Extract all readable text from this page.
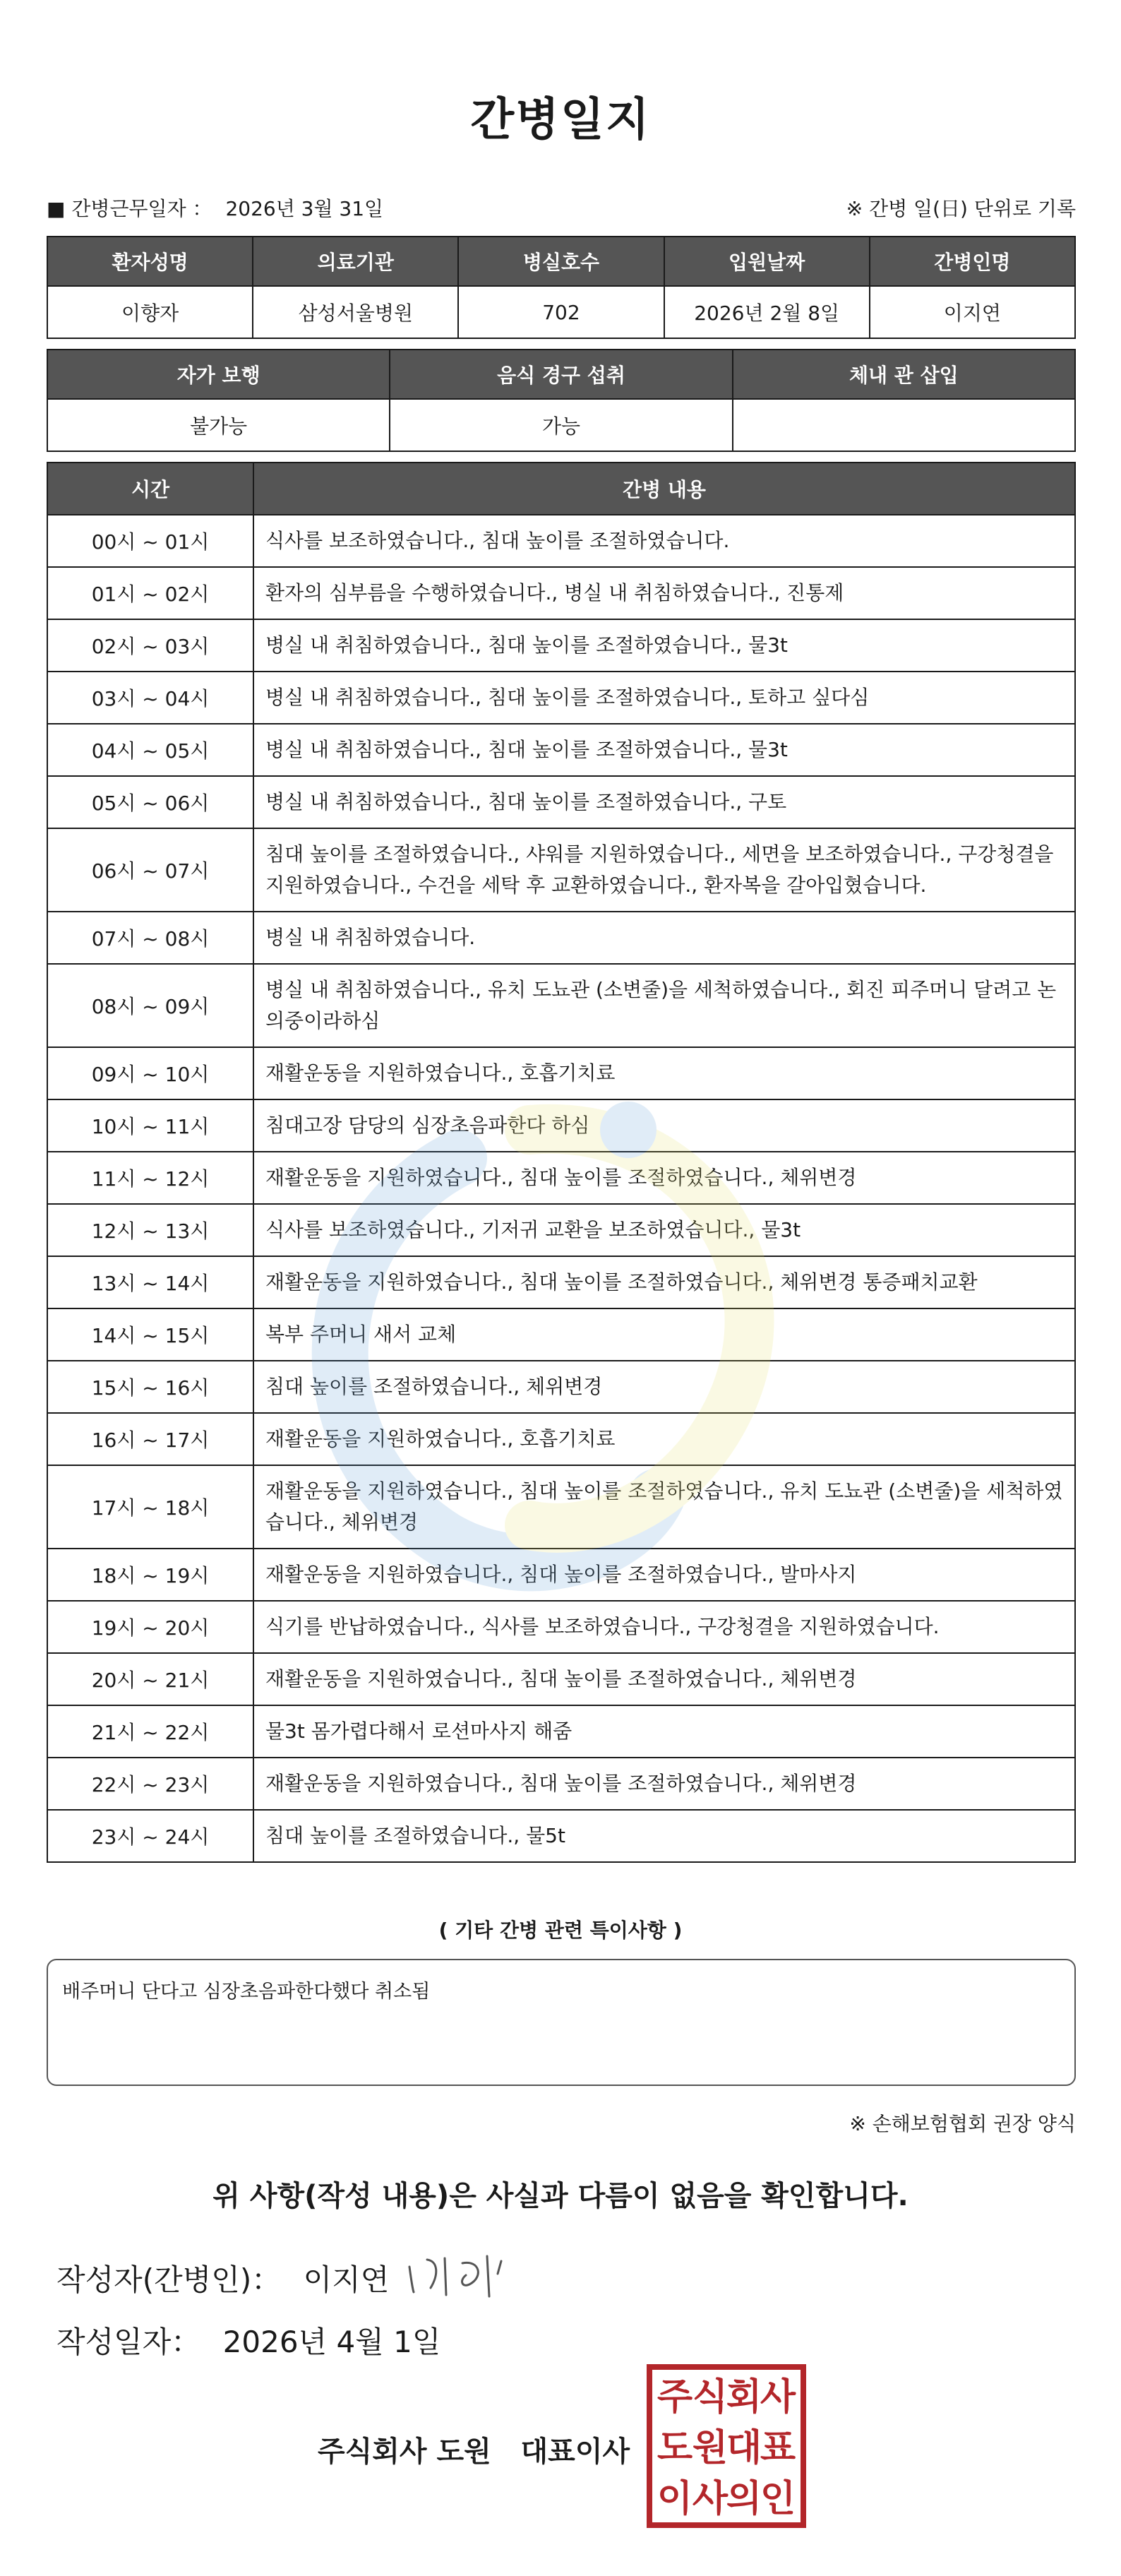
간병일지
■ 간병근무일자 ： 2026년 3월 31일	※ 간병 일(日) 단위로 기록
환자성명	의료기관	병실호수	입원날짜	간병인명
이향자	삼성서울병원	702	2026년 2월 8일	이지연
자가 보행	음식 경구 섭취	체내 관 삽입
불가능	가능	
시간	간병 내용
00시 ~ 01시	식사를 보조하였습니다., 침대 높이를 조절하였습니다.
01시 ~ 02시	환자의 심부름을 수행하였습니다., 병실 내 취침하였습니다., 진통제
02시 ~ 03시	병실 내 취침하였습니다., 침대 높이를 조절하였습니다., 물3t
03시 ~ 04시	병실 내 취침하였습니다., 침대 높이를 조절하였습니다., 토하고 싶다심
04시 ~ 05시	병실 내 취침하였습니다., 침대 높이를 조절하였습니다., 물3t
05시 ~ 06시	병실 내 취침하였습니다., 침대 높이를 조절하였습니다., 구토
06시 ~ 07시	침대 높이를 조절하였습니다., 샤워를 지원하였습니다., 세면을 보조하였습니다., 구강청결을 지원하였습니다., 수건을 세탁 후 교환하였습니다., 환자복을 갈아입혔습니다.
07시 ~ 08시	병실 내 취침하였습니다.
08시 ~ 09시	병실 내 취침하였습니다., 유치 도뇨관 (소변줄)을 세척하였습니다., 회진 피주머니 달려고 논의중이라하심
09시 ~ 10시	재활운동을 지원하였습니다., 호흡기치료
10시 ~ 11시	침대고장 담당의 심장초음파한다 하심
11시 ~ 12시	재활운동을 지원하였습니다., 침대 높이를 조절하였습니다., 체위변경
12시 ~ 13시	식사를 보조하였습니다., 기저귀 교환을 보조하였습니다., 물3t
13시 ~ 14시	재활운동을 지원하였습니다., 침대 높이를 조절하였습니다., 체위변경 통증패치교환
14시 ~ 15시	복부 주머니 새서 교체
15시 ~ 16시	침대 높이를 조절하였습니다., 체위변경
16시 ~ 17시	재활운동을 지원하였습니다., 호흡기치료
17시 ~ 18시	재활운동을 지원하였습니다., 침대 높이를 조절하였습니다., 유치 도뇨관 (소변줄)을 세척하였습니다., 체위변경
18시 ~ 19시	재활운동을 지원하였습니다., 침대 높이를 조절하였습니다., 발마사지
19시 ~ 20시	식기를 반납하였습니다., 식사를 보조하였습니다., 구강청결을 지원하였습니다.
20시 ~ 21시	재활운동을 지원하였습니다., 침대 높이를 조절하였습니다., 체위변경
21시 ~ 22시	물3t 몸가렵다해서 로션마사지 해줌
22시 ~ 23시	재활운동을 지원하였습니다., 침대 높이를 조절하였습니다., 체위변경
23시 ~ 24시	침대 높이를 조절하였습니다., 물5t
( 기타 간병 관련 특이사항 )
배주머니 단다고 심장초음파한다했다 취소됨
※ 손해보험협회 권장 양식
위 사항(작성 내용)은 사실과 다름이 없음을 확인합니다.
작성자(간병인)： 이지연
작성일자： 2026년 4월 1일
주식회사 도원   대표이사
주 식
회
사
도 원
대
표
이 사
의
인
